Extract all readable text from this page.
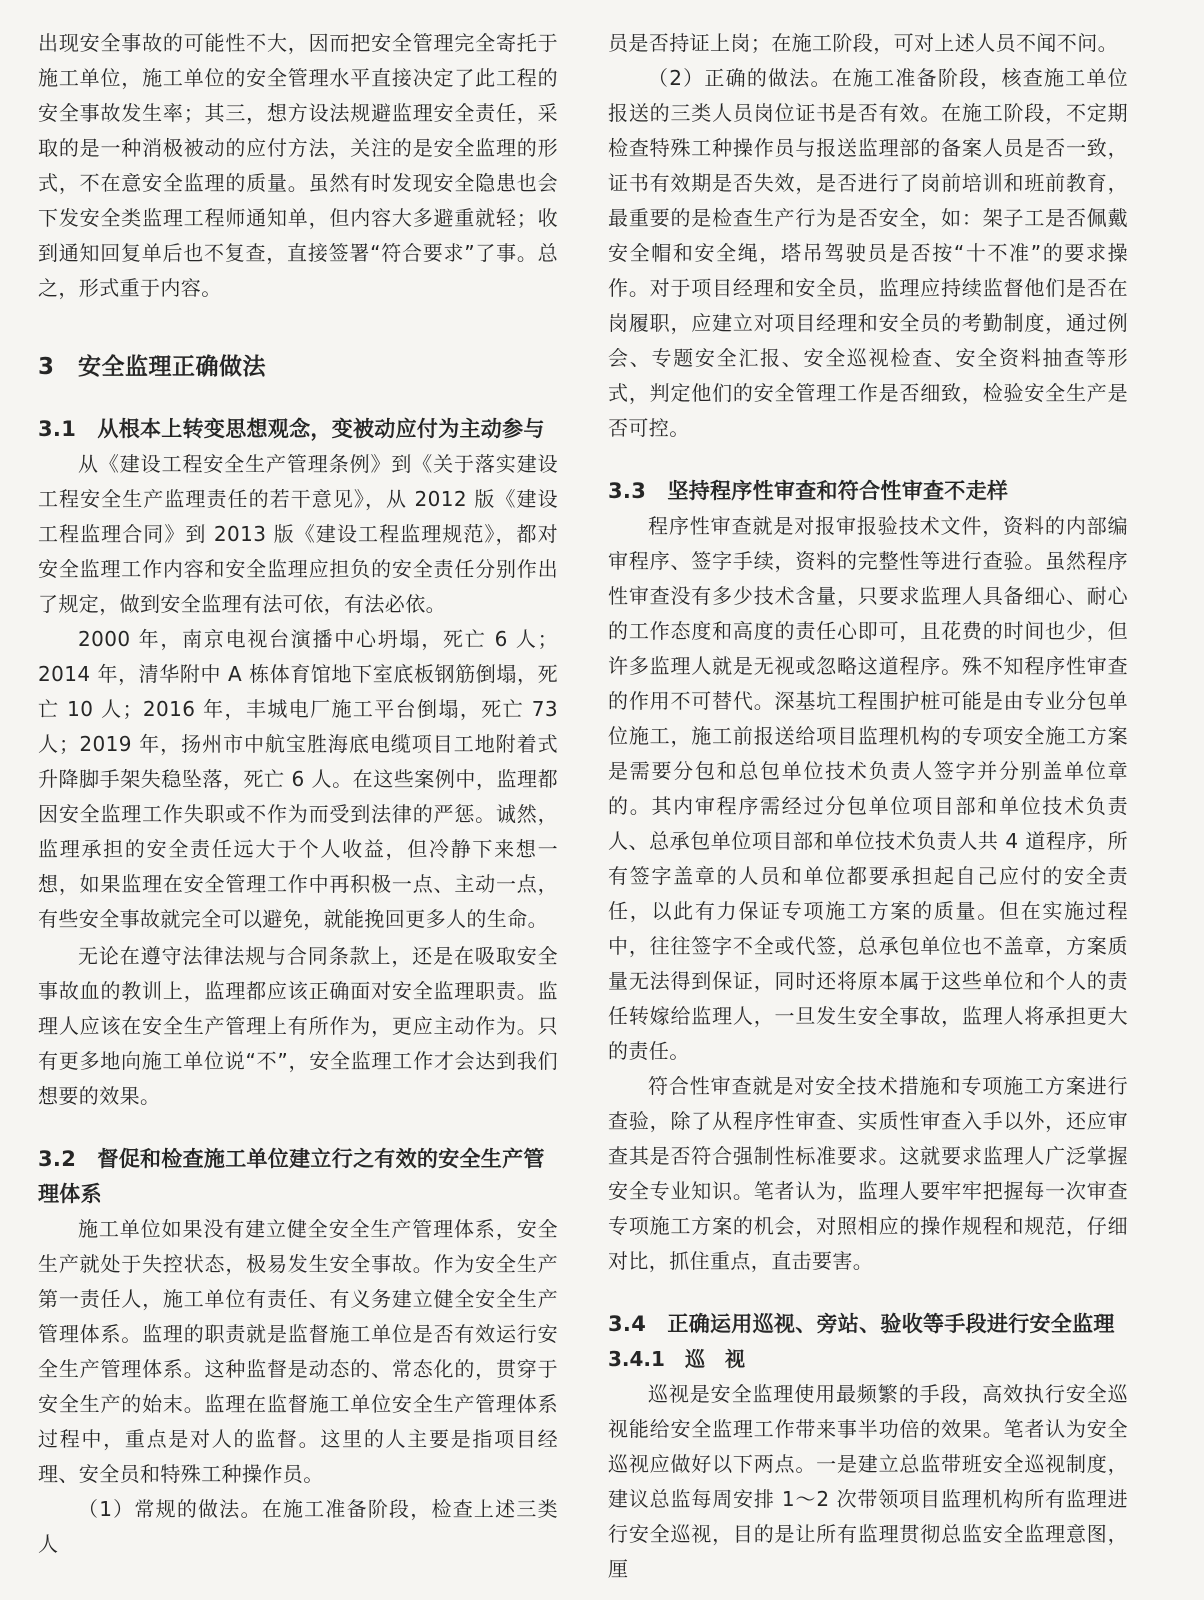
出现安全事故的可能性不大，因而把安全管理完全寄托于施工单位，施工单位的安全管理水平直接决定了此工程的安全事故发生率；其三，想方设法规避监理安全责任，采取的是一种消极被动的应付方法，关注的是安全监理的形式，不在意安全监理的质量。虽然有时发现安全隐患也会下发安全类监理工程师通知单，但内容大多避重就轻；收到通知回复单后也不复查，直接签署“符合要求”了事。总之，形式重于内容。

3　安全监理正确做法
3.1　从根本上转变思想观念，变被动应付为主动参与

从《建设工程安全生产管理条例》到《关于落实建设工程安全生产监理责任的若干意见》，从 2012 版《建设工程监理合同》到 2013 版《建设工程监理规范》，都对安全监理工作内容和安全监理应担负的安全责任分别作出了规定，做到安全监理有法可依，有法必依。

2000 年，南京电视台演播中心坍塌，死亡 6 人；2014 年，清华附中 A 栋体育馆地下室底板钢筋倒塌，死亡 10 人；2016 年，丰城电厂施工平台倒塌，死亡 73 人；2019 年，扬州市中航宝胜海底电缆项目工地附着式升降脚手架失稳坠落，死亡 6 人。在这些案例中，监理都因安全监理工作失职或不作为而受到法律的严惩。诚然，监理承担的安全责任远大于个人收益，但冷静下来想一想，如果监理在安全管理工作中再积极一点、主动一点，有些安全事故就完全可以避免，就能挽回更多人的生命。

无论在遵守法律法规与合同条款上，还是在吸取安全事故血的教训上，监理都应该正确面对安全监理职责。监理人应该在安全生产管理上有所作为，更应主动作为。只有更多地向施工单位说“不”，安全监理工作才会达到我们想要的效果。

3.2　督促和检查施工单位建立行之有效的安全生产管理体系

施工单位如果没有建立健全安全生产管理体系，安全生产就处于失控状态，极易发生安全事故。作为安全生产第一责任人，施工单位有责任、有义务建立健全安全生产管理体系。监理的职责就是监督施工单位是否有效运行安全生产管理体系。这种监督是动态的、常态化的，贯穿于安全生产的始末。监理在监督施工单位安全生产管理体系过程中，重点是对人的监督。这里的人主要是指项目经理、安全员和特殊工种操作员。

（1）常规的做法。在施工准备阶段，检查上述三类人

员是否持证上岗；在施工阶段，可对上述人员不闻不问。

（2）正确的做法。在施工准备阶段，核查施工单位报送的三类人员岗位证书是否有效。在施工阶段，不定期检查特殊工种操作员与报送监理部的备案人员是否一致，证书有效期是否失效，是否进行了岗前培训和班前教育，最重要的是检查生产行为是否安全，如：架子工是否佩戴安全帽和安全绳，塔吊驾驶员是否按“十不准”的要求操作。对于项目经理和安全员，监理应持续监督他们是否在岗履职，应建立对项目经理和安全员的考勤制度，通过例会、专题安全汇报、安全巡视检查、安全资料抽查等形式，判定他们的安全管理工作是否细致，检验安全生产是否可控。

3.3　坚持程序性审查和符合性审查不走样

程序性审查就是对报审报验技术文件，资料的内部编审程序、签字手续，资料的完整性等进行查验。虽然程序性审查没有多少技术含量，只要求监理人具备细心、耐心的工作态度和高度的责任心即可，且花费的时间也少，但许多监理人就是无视或忽略这道程序。殊不知程序性审查的作用不可替代。深基坑工程围护桩可能是由专业分包单位施工，施工前报送给项目监理机构的专项安全施工方案是需要分包和总包单位技术负责人签字并分别盖单位章的。其内审程序需经过分包单位项目部和单位技术负责人、总承包单位项目部和单位技术负责人共 4 道程序，所有签字盖章的人员和单位都要承担起自己应付的安全责任，以此有力保证专项施工方案的质量。但在实施过程中，往往签字不全或代签，总承包单位也不盖章，方案质量无法得到保证，同时还将原本属于这些单位和个人的责任转嫁给监理人，一旦发生安全事故，监理人将承担更大的责任。

符合性审查就是对安全技术措施和专项施工方案进行查验，除了从程序性审查、实质性审查入手以外，还应审查其是否符合强制性标准要求。这就要求监理人广泛掌握安全专业知识。笔者认为，监理人要牢牢把握每一次审查专项施工方案的机会，对照相应的操作规程和规范，仔细对比，抓住重点，直击要害。

3.4　正确运用巡视、旁站、验收等手段进行安全监理
3.4.1　巡　视

巡视是安全监理使用最频繁的手段，高效执行安全巡视能给安全监理工作带来事半功倍的效果。笔者认为安全巡视应做好以下两点。一是建立总监带班安全巡视制度，建议总监每周安排 1～2 次带领项目监理机构所有监理进行安全巡视，目的是让所有监理贯彻总监安全监理意图，厘
